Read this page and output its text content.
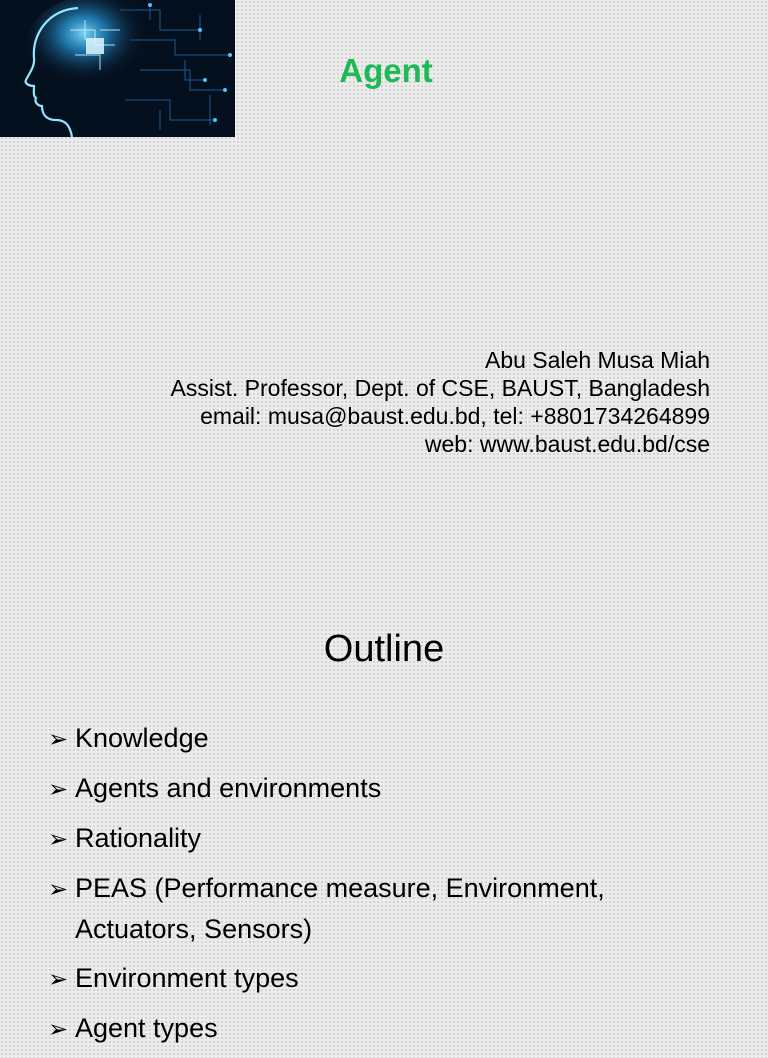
Agent
Abu Saleh Musa Miah
Assist. Professor, Dept. of CSE, BAUST, Bangladesh
email: musa@baust.edu.bd, tel: +8801734264899
web: www.baust.edu.bd/cse
Outline
➢ Knowledge
➢ Agents and environments
➢ Rationality
➢ PEAS (Performance measure, Environment, Actuators, Sensors)
➢ Environment types
➢ Agent types
